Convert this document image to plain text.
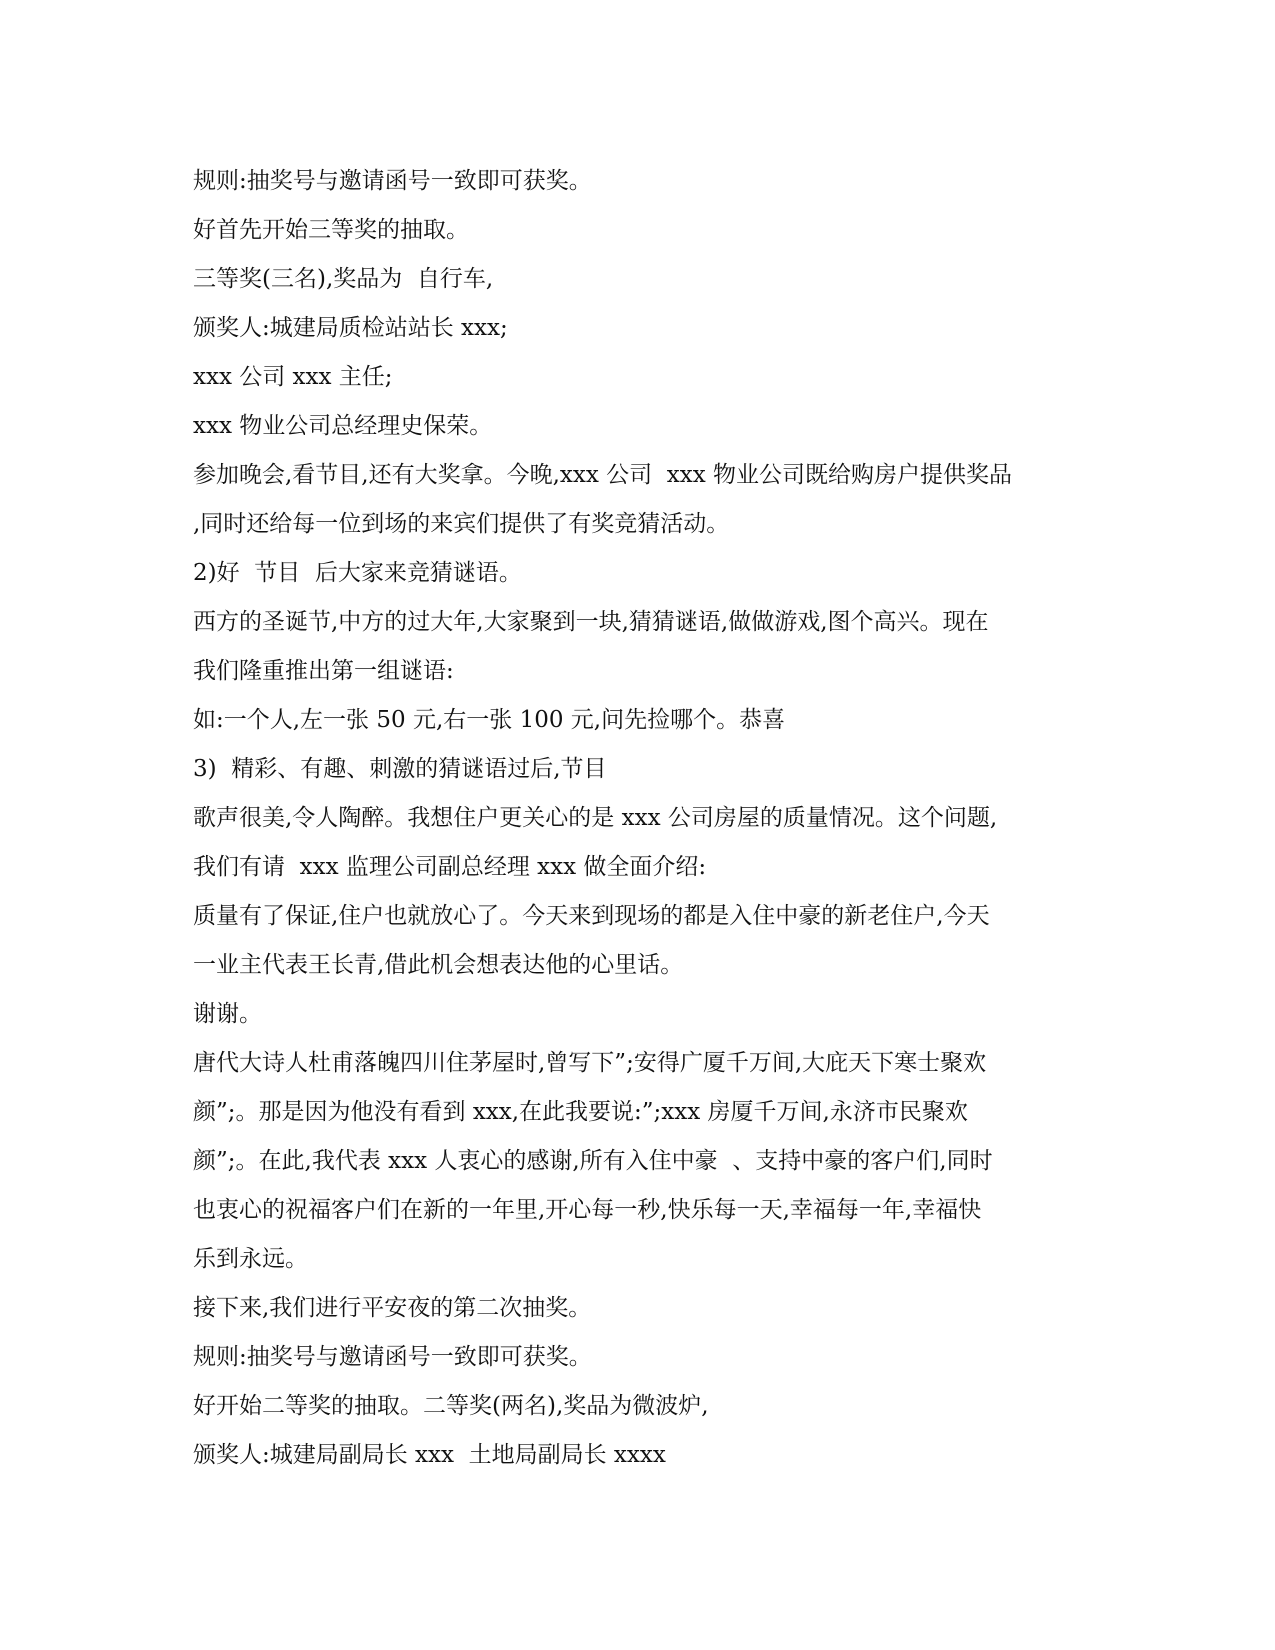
规则:抽奖号与邀请函号一致即可获奖。

好首先开始三等奖的抽取。

三等奖(三名),奖品为  自行车,

颁奖人:城建局质检站站长 xxx;

xxx 公司 xxx 主任;

xxx 物业公司总经理史保荣。

参加晚会,看节目,还有大奖拿。今晚,xxx 公司  xxx 物业公司既给购房户提供奖品

,同时还给每一位到场的来宾们提供了有奖竞猜活动。

2)好  节目  后大家来竞猜谜语。

西方的圣诞节,中方的过大年,大家聚到一块,猜猜谜语,做做游戏,图个高兴。现在

我们隆重推出第一组谜语:

如:一个人,左一张 50 元,右一张 100 元,问先捡哪个。恭喜

3)  精彩、有趣、刺激的猜谜语过后,节目

歌声很美,令人陶醉。我想住户更关心的是 xxx 公司房屋的质量情况。这个问题,

我们有请  xxx 监理公司副总经理 xxx 做全面介绍:

质量有了保证,住户也就放心了。今天来到现场的都是入住中豪的新老住户,今天

一业主代表王长青,借此机会想表达他的心里话。

谢谢。

唐代大诗人杜甫落魄四川住茅屋时,曾写下”;安得广厦千万间,大庇天下寒士聚欢

颜”;。那是因为他没有看到 xxx,在此我要说:”;xxx 房厦千万间,永济市民聚欢

颜”;。在此,我代表 xxx 人衷心的感谢,所有入住中豪  、支持中豪的客户们,同时

也衷心的祝福客户们在新的一年里,开心每一秒,快乐每一天,幸福每一年,幸福快

乐到永远。

接下来,我们进行平安夜的第二次抽奖。

规则:抽奖号与邀请函号一致即可获奖。

好开始二等奖的抽取。二等奖(两名),奖品为微波炉,

颁奖人:城建局副局长 xxx  土地局副局长 xxxx
